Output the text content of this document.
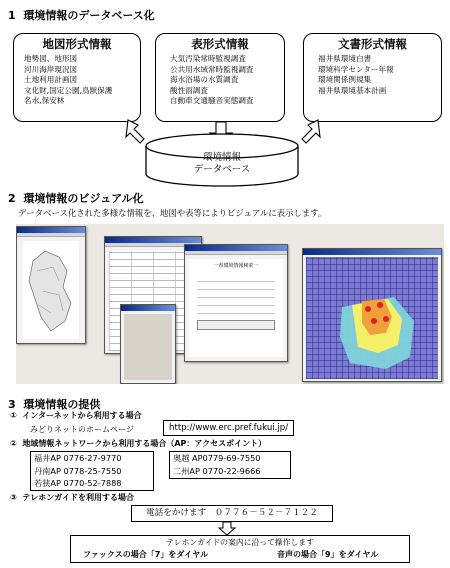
1 環境情報のデータベース化
地図形式情報
地勢図、地形図
河川海岸現況図
土地利用計画図
文化財,国定公園,鳥獣保護
名水,保安林
表形式情報
大気汚染常時監視調査
公共用水域常時監視調査
海水浴場の水質調査
酸性雨調査
自動車交通騒音実態調査
文書形式情報
福井県環境白書
環境科学センター年報
環境関係例規集
福井県環境基本計画
環境情報
データベース
2 環境情報のビジュアル化
データベース化された多様な情報を、地図や表等によりビジュアルに表示します。
一県環境情報検索一
3 環境情報の提供
① インターネットから利用する場合
みどりネットのホームページ	http://www.erc.pref.fukui.jp/
② 地域情報ネットワークから利用する場合（AP：アクセスポイント）
福井AP 0776-27-9770
丹南AP 0778-25-7550
若狭AP 0770-52-7888
奥越 AP0779-69-7550
二州AP 0770-22-9666
③ テレホンガイドを利用する場合
電話をかけます　０７７６－５２－７１２２
テレホンガイドの案内に沿って操作します
ファックスの場合「7」をダイヤル	音声の場合「9」をダイヤル
